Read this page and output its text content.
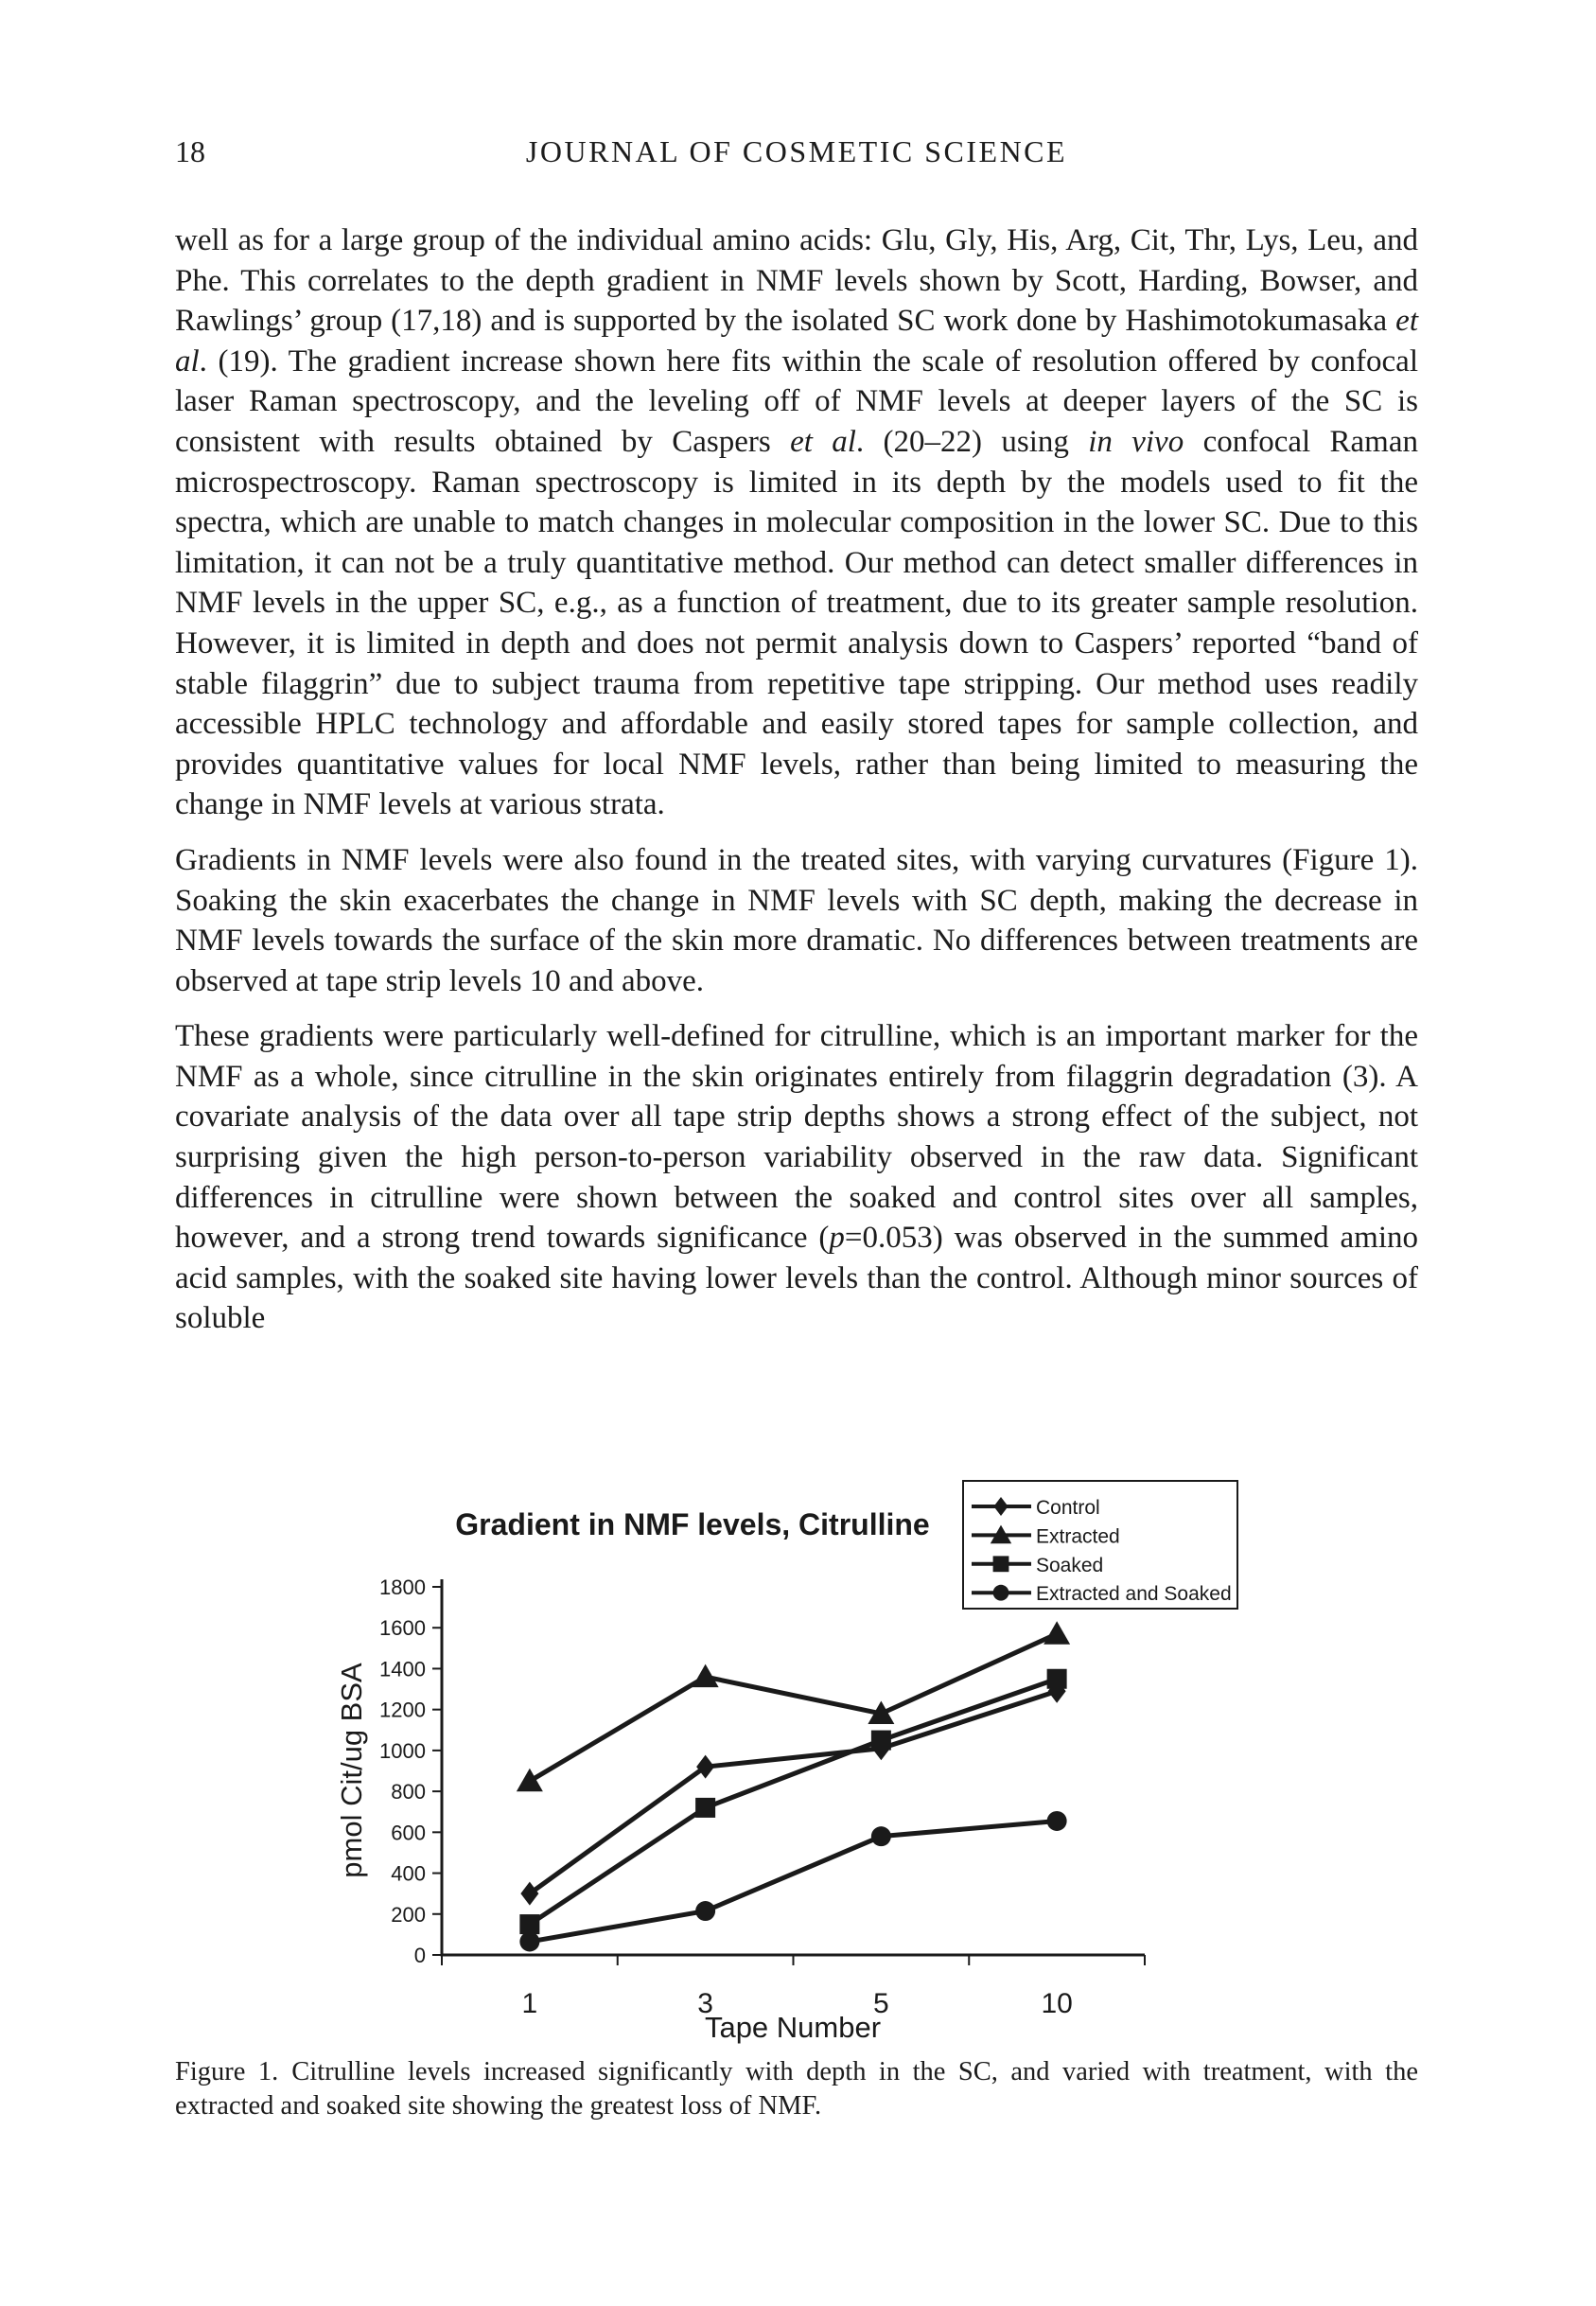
18	JOURNAL OF COSMETIC SCIENCE

well as for a large group of the individual amino acids: Glu, Gly, His, Arg, Cit, Thr, Lys, Leu, and Phe. This correlates to the depth gradient in NMF levels shown by Scott, Harding, Bowser, and Rawlings’ group (17,18) and is supported by the isolated SC work done by Hashimotokumasaka et al. (19). The gradient increase shown here fits within the scale of resolution offered by confocal laser Raman spectroscopy, and the leveling off of NMF levels at deeper layers of the SC is consistent with results obtained by Caspers et al. (20–22) using in vivo confocal Raman microspectroscopy. Raman spectroscopy is limited in its depth by the models used to fit the spectra, which are unable to match changes in molecular composition in the lower SC. Due to this limitation, it can not be a truly quantitative method. Our method can detect smaller differences in NMF levels in the upper SC, e.g., as a function of treatment, due to its greater sample resolution. However, it is limited in depth and does not permit analysis down to Caspers’ reported “band of stable filaggrin” due to subject trauma from repetitive tape stripping. Our method uses readily accessible HPLC technology and affordable and easily stored tapes for sample collection, and provides quantitative values for local NMF levels, rather than being limited to measuring the change in NMF levels at various strata.

Gradients in NMF levels were also found in the treated sites, with varying curvatures (Figure 1). Soaking the skin exacerbates the change in NMF levels with SC depth, making the decrease in NMF levels towards the surface of the skin more dramatic. No differences between treatments are observed at tape strip levels 10 and above.

These gradients were particularly well-defined for citrulline, which is an important marker for the NMF as a whole, since citrulline in the skin originates entirely from filaggrin degradation (3). A covariate analysis of the data over all tape strip depths shows a strong effect of the subject, not surprising given the high person-to-person variability observed in the raw data. Significant differences in citrulline were shown between the soaked and control sites over all samples, however, and a strong trend towards significance (p=0.053) was observed in the summed amino acid samples, with the soaked site having lower levels than the control. Although minor sources of soluble

Gradient in NMF levels, Citrulline
pmol Cit/ug BSA
Tape Number
0
200
400
600
800
1000
1200
1400
1600
1800
1	3	5	10
Control
Extracted
Soaked
Extracted and Soaked
Figure 1. Citrulline levels increased significantly with depth in the SC, and varied with treatment, with the extracted and soaked site showing the greatest loss of NMF.
